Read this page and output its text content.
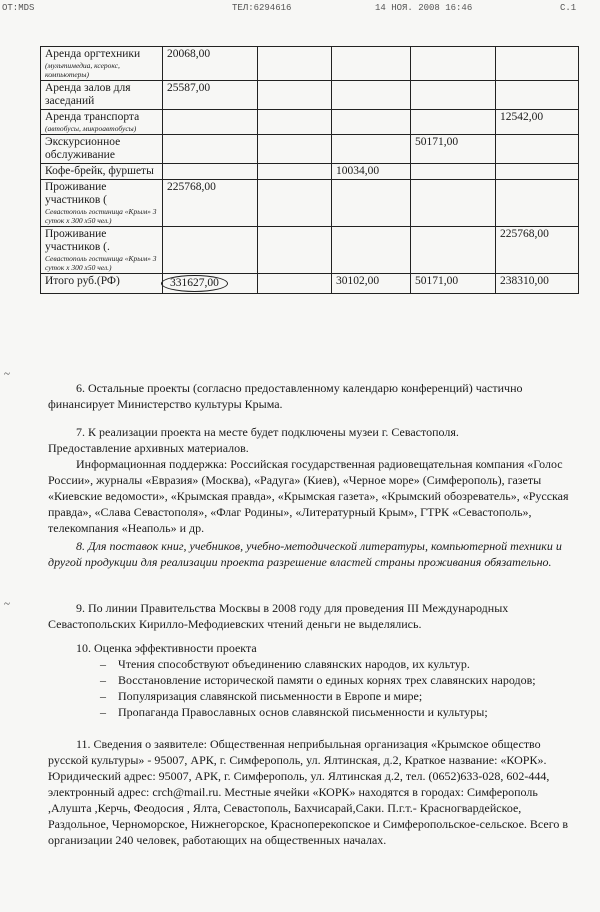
OT:MDS	ТЕЛ:6294616	14 НОЯ. 2008 16:46	С.1
Аренда оргтехники
(мультимедиа, ксерокс, компьютеры)	20068,00				

Аренда залов для заседаний	25587,00				

Аренда транспорта
(автобусы, микроавтобусы)					12542,00

Экскурсионное обслуживание				50171,00	

Кофе-брейк, фуршеты			10034,00		

Проживание участников (
Севастополь гостиница «Крым» 3 суток х 300 х50 чел.)	225768,00				

Проживание участников (.
Севастополь гостиница «Крым» 3 суток х 300 х50 чел.)					225768,00

Итого руб.(РФ)	331627,00		30102,00	50171,00	238310,00
~
~

6. Остальные проекты (согласно предоставленному календарю конференций) частично финансирует Министерство культуры Крыма.

7. К реализации проекта на месте будет подключены музеи г. Севастополя.

Предоставление архивных материалов.

Информационная поддержка: Российская государственная радиовещательная компания «Голос России», журналы «Евразия» (Москва), «Радуга» (Киев), «Черное море» (Симферополь), газеты «Киевские ведомости», «Крымская правда», «Крымская газета», «Крымский обозреватель», «Русская правда», «Слава Севастополя», «Флаг Родины», «Литературный Крым», ГТРК «Севастополь», телекомпания «Неаполь» и др.

8. Для поставок книг, учебников, учебно-методической литературы, компьютерной техники и другой продукции для реализации проекта разрешение властей страны проживания обязательно.

9. По линии Правительства Москвы в 2008 году для проведения III Международных Севастопольских Кирилло-Мефодиевских чтений деньги не выделялись.

10. Оценка эффективности проекта

– Чтения способствуют объединению славянских народов, их культур.
– Восстановление исторической памяти о единых корнях трех славянских народов;
– Популяризация славянской письменности в Европе и мире;
– Пропаганда Православных основ славянской письменности и культуры;

11. Сведения о заявителе: Общественная неприбыльная организация «Крымское общество русской культуры» - 95007, АРК, г. Симферополь, ул. Ялтинская, д.2, Краткое название: «КОРК». Юридический адрес: 95007, АРК, г. Симферополь, ул. Ялтинская д.2, тел. (0652)633-028, 602-444, электронный адрес: crch@mail.ru. Местные ячейки «КОРК» находятся в городах: Симферополь ,Алушта ,Керчь, Феодосия , Ялта, Севастополь, Бахчисарай,Саки. П.г.т.- Красногвардейское, Раздольное, Черноморское, Нижнегорское, Красноперекопское и Симферопольское-сельское. Всего в организации 240 человек, работающих на общественных началах.
